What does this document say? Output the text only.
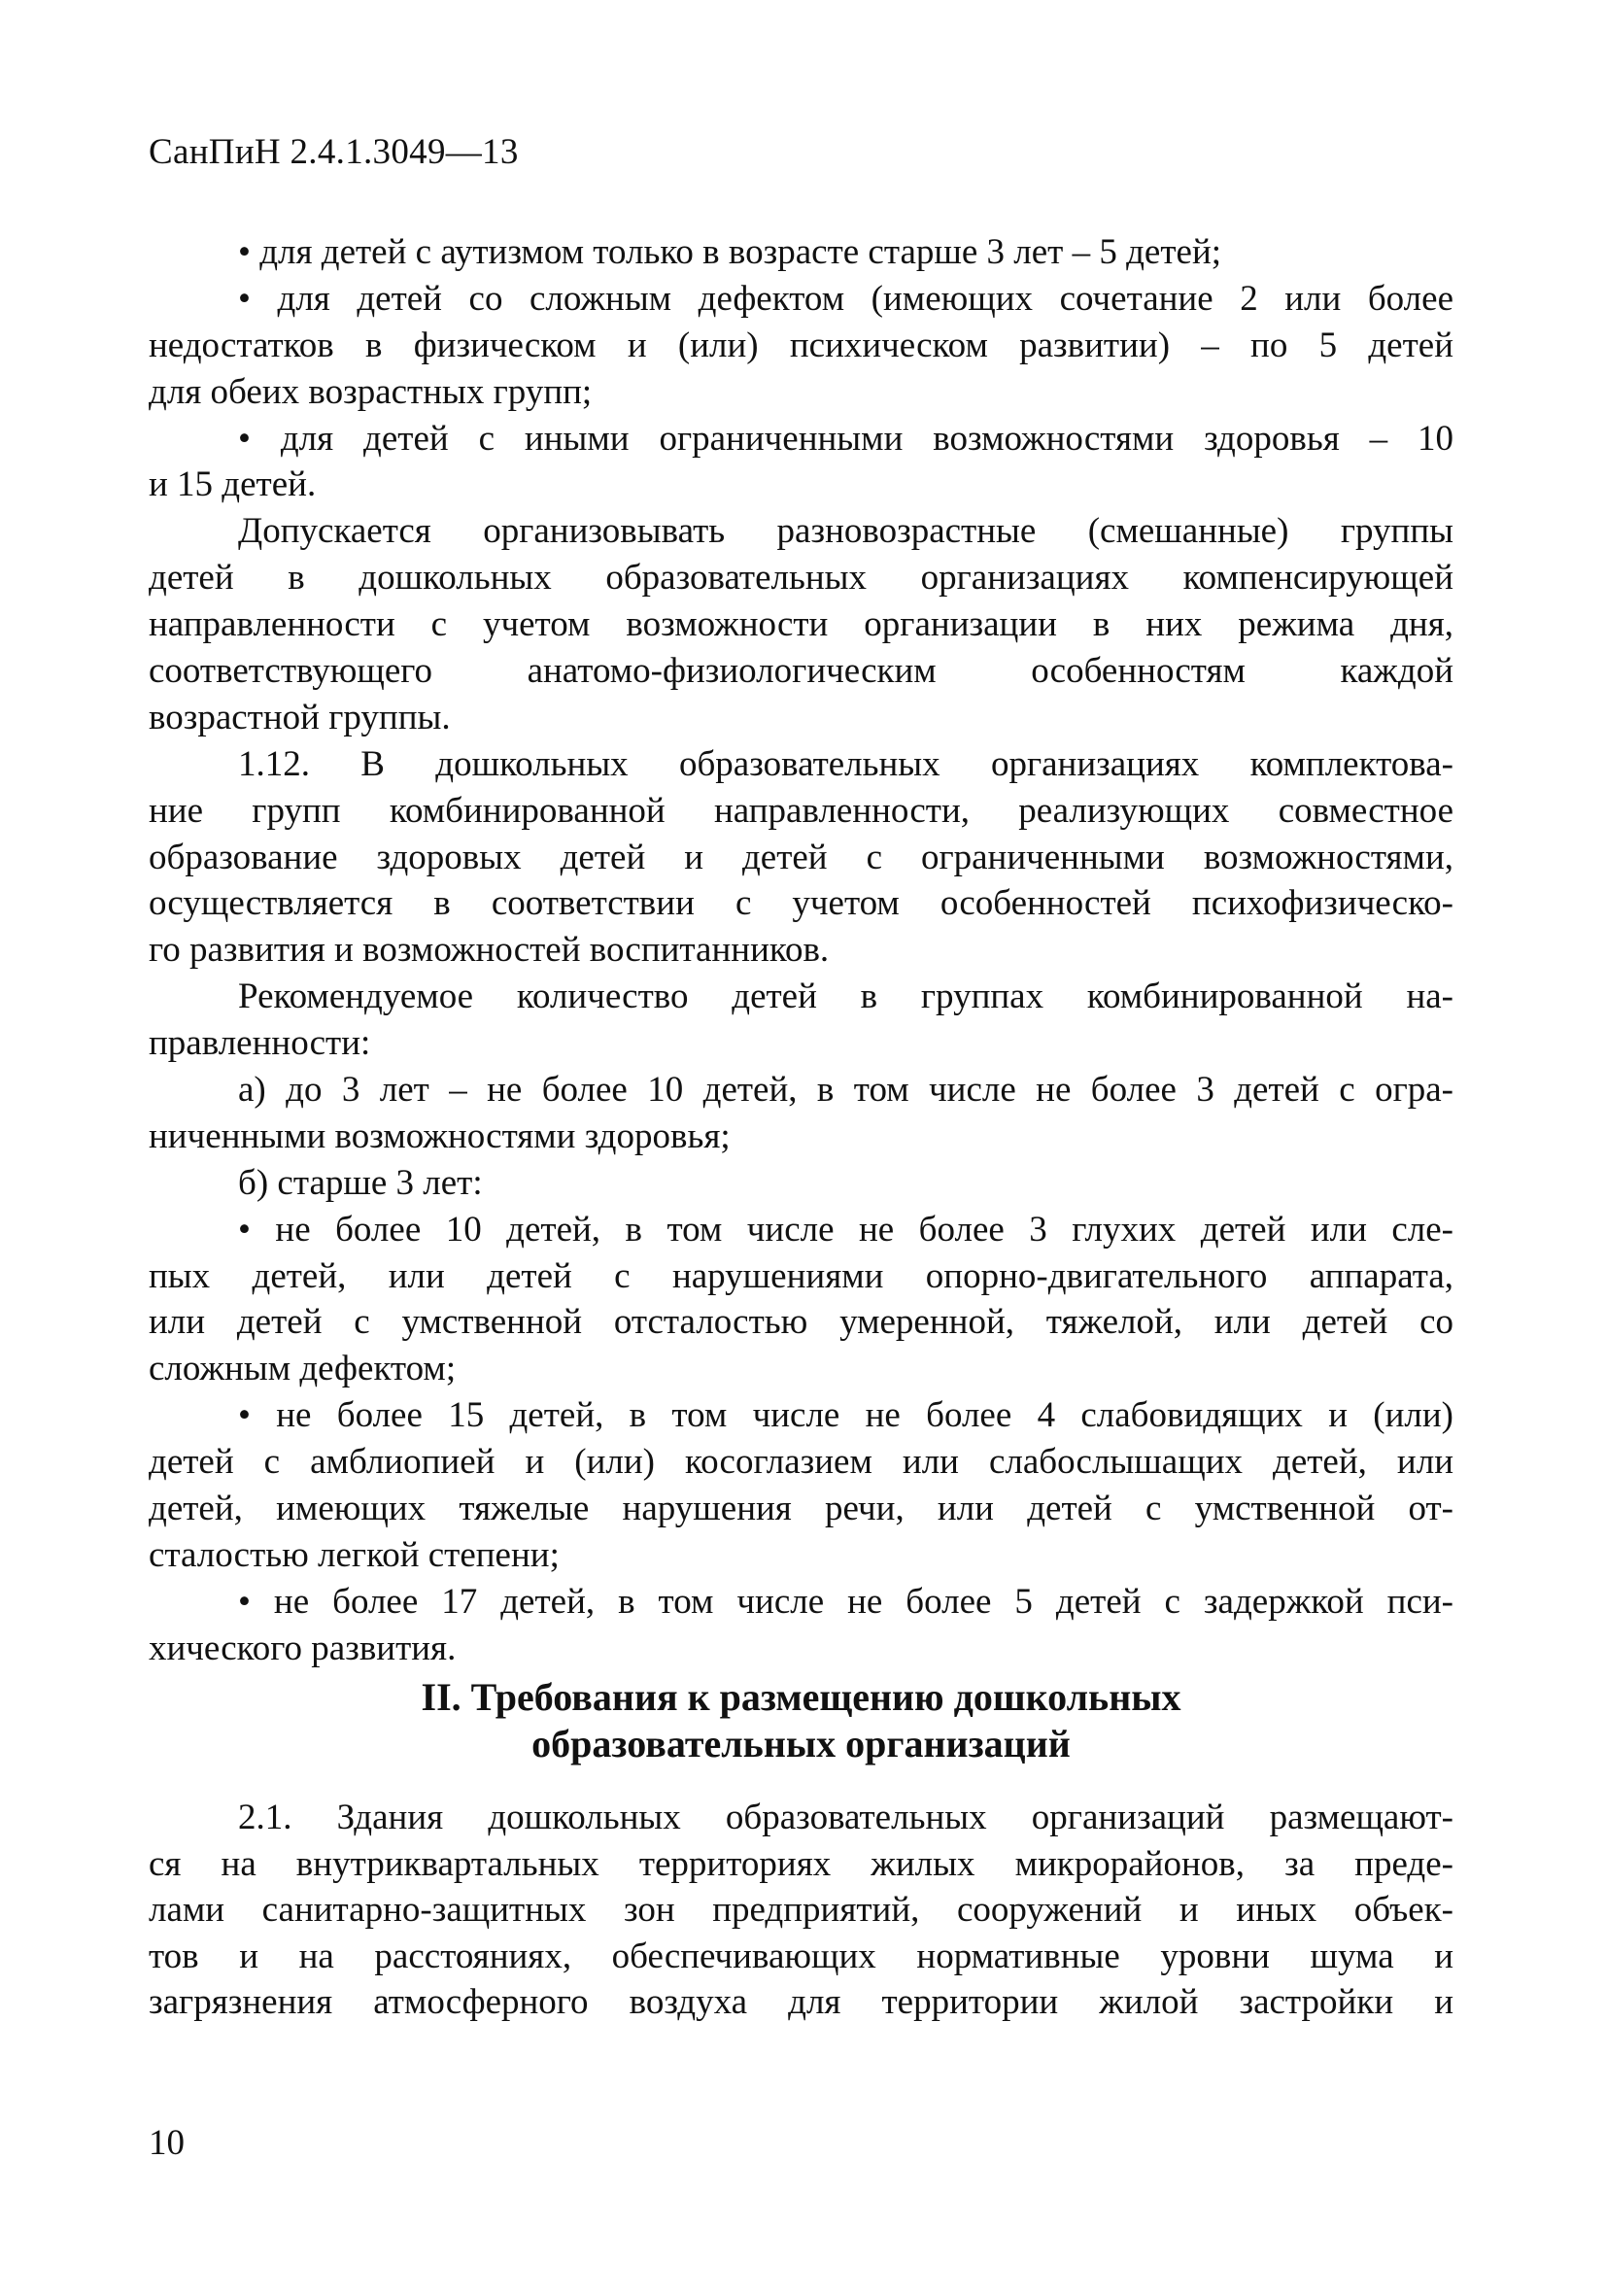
СанПиН 2.4.1.3049—13
• для детей с аутизмом только в возрасте старше 3 лет – 5 детей;
• для детей со сложным дефектом (имеющих сочетание 2 или более
недостатков в физическом и (или) психическом развитии) – по 5 детей
для обеих возрастных групп;
• для детей с иными ограниченными возможностями здоровья – 10
и 15 детей.
Допускается организовывать разновозрастные (смешанные) группы
детей в дошкольных образовательных организациях компенсирующей
направленности с учетом возможности организации в них режима дня,
соответствующего анатомо-физиологическим особенностям каждой
возрастной группы.
1.12. В дошкольных образовательных организациях комплектова-
ние групп комбинированной направленности, реализующих совместное
образование здоровых детей и детей с ограниченными возможностями,
осуществляется в соответствии с учетом особенностей психофизическо-
го развития и возможностей воспитанников.
Рекомендуемое количество детей в группах комбинированной на-
правленности:
а) до 3 лет – не более 10 детей, в том числе не более 3 детей с огра-
ниченными возможностями здоровья;
б) старше 3 лет:
• не более 10 детей, в том числе не более 3 глухих детей или сле-
пых детей, или детей с нарушениями опорно-двигательного аппарата,
или детей с умственной отсталостью умеренной, тяжелой, или детей со
сложным дефектом;
• не более 15 детей, в том числе не более 4 слабовидящих и (или)
детей с амблиопией и (или) косоглазием или слабослышащих детей, или
детей, имеющих тяжелые нарушения речи, или детей с умственной от-
сталостью легкой степени;
• не более 17 детей, в том числе не более 5 детей с задержкой пси-
хического развития.
II. Требования к размещению дошкольных
образовательных организаций
2.1. Здания дошкольных образовательных организаций размещают-
ся на внутриквартальных территориях жилых микрорайонов, за преде-
лами санитарно-защитных зон предприятий, сооружений и иных объек-
тов и на расстояниях, обеспечивающих нормативные уровни шума и
загрязнения атмосферного воздуха для территории жилой застройки и
10
